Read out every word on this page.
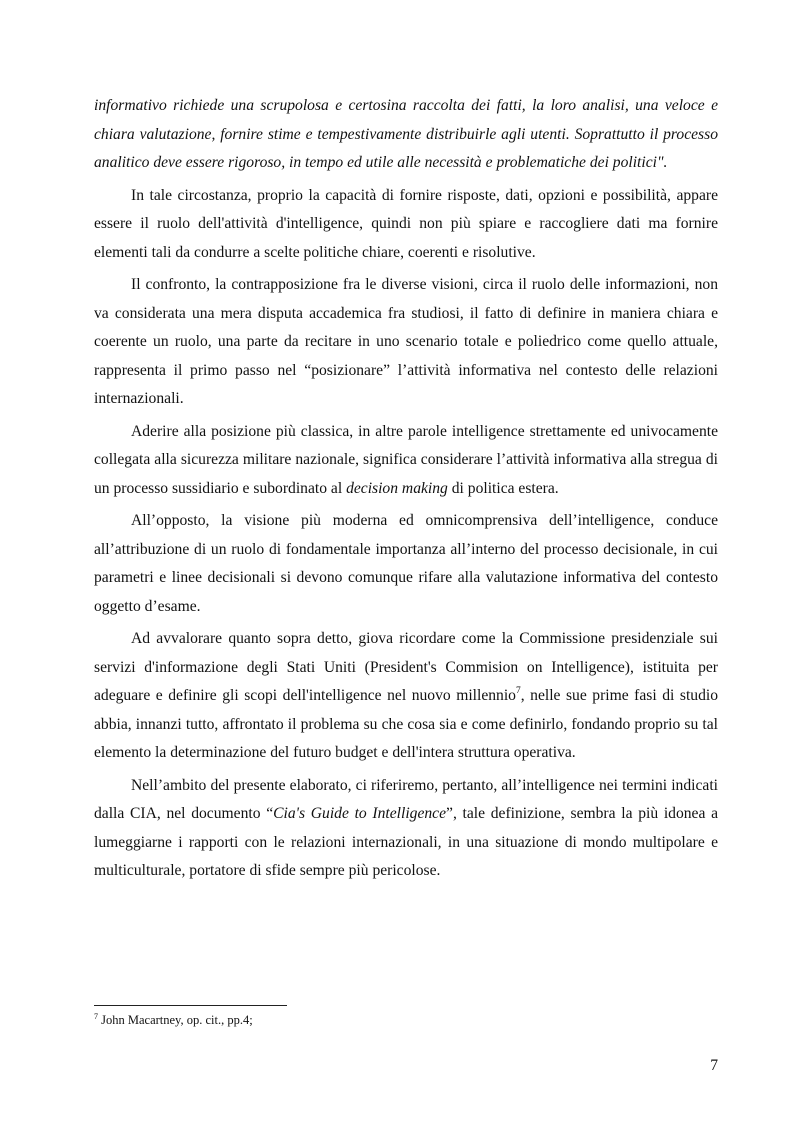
informativo richiede una scrupolosa e certosina raccolta dei fatti, la loro analisi, una veloce e chiara valutazione, fornire stime e tempestivamente distribuirle agli utenti. Soprattutto il processo analitico deve essere rigoroso, in tempo ed utile alle necessità e problematiche dei politici".

In tale circostanza, proprio la capacità di fornire risposte, dati, opzioni e possibilità, appare essere il ruolo dell'attività d'intelligence, quindi non più spiare e raccogliere dati ma fornire elementi tali da condurre a scelte politiche chiare, coerenti e risolutive.

Il confronto, la contrapposizione fra le diverse visioni, circa il ruolo delle informazioni, non va considerata una mera disputa accademica fra studiosi, il fatto di definire in maniera chiara e coerente un ruolo, una parte da recitare in uno scenario totale e poliedrico come quello attuale, rappresenta il primo passo nel “posizionare” l’attività informativa nel contesto delle relazioni internazionali.

Aderire alla posizione più classica, in altre parole intelligence strettamente ed univocamente collegata alla sicurezza militare nazionale, significa considerare l’attività informativa alla stregua di un processo sussidiario e subordinato al decision making di politica estera.

All’opposto, la visione più moderna ed omnicomprensiva dell’intelligence, conduce all’attribuzione di un ruolo di fondamentale importanza all’interno del processo decisionale, in cui parametri e linee decisionali si devono comunque rifare alla valutazione informativa del contesto oggetto d’esame.

Ad avvalorare quanto sopra detto, giova ricordare come la Commissione presidenziale sui servizi d'informazione degli Stati Uniti (President's Commision on Intelligence), istituita per adeguare e definire gli scopi dell'intelligence nel nuovo millennio$^7$, nelle sue prime fasi di studio abbia, innanzi tutto, affrontato il problema su che cosa sia e come definirlo, fondando proprio su tal elemento la determinazione del futuro budget e dell'intera struttura operativa.

Nell’ambito del presente elaborato, ci riferiremo, pertanto, all’intelligence nei termini indicati dalla CIA, nel documento “Cia's Guide to Intelligence”, tale definizione, sembra la più idonea a lumeggiarne i rapporti con le relazioni internazionali, in una situazione di mondo multipolare e multiculturale, portatore di sfide sempre più pericolose.

$^7$ John Macartney, op. cit., pp.4;
7
